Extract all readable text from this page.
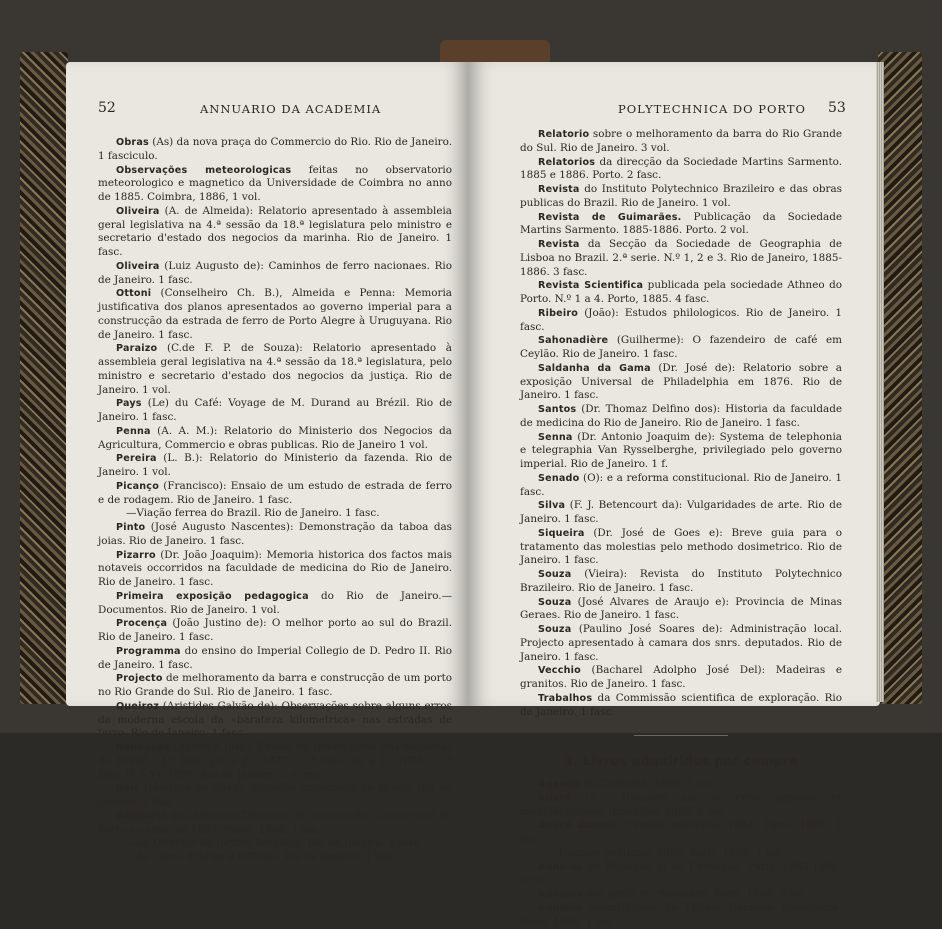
52	ANNUARIO DA ACADEMIA

Obras (As) da nova praça do Commercio do Rio. Rio de Janeiro. 1 fasciculo.

Observações meteorologicas feitas no observatorio meteorologico e magnetico da Universidade de Coimbra no anno de 1885. Coimbra, 1886, 1 vol.

Oliveira (A. de Almeida): Relatorio apresentado à assembleia geral legislativa na 4.ª sessão da 18.ª legislatura pelo ministro e secretario d'estado dos negocios da marinha. Rio de Janeiro. 1 fasc.

Oliveira (Luiz Augusto de): Caminhos de ferro nacionaes. Rio de Janeiro. 1 fasc.

Ottoni (Conselheiro Ch. B.), Almeida e Penna: Memoria justificativa dos planos apresentados ao governo imperial para a construcção da estrada de ferro de Porto Alegre à Uruguyana. Rio de Janeiro. 1 fasc.

Paraizo (C.de F. P. de Souza): Relatorio apresentado à assembleia geral legislativa na 4.ª sessão da 18.ª legislatura, pelo ministro e secretario d'estado dos negocios da justiça. Rio de Janeiro. 1 vol.

Pays (Le) du Café: Voyage de M. Durand au Brézil. Rio de Janeiro. 1 fasc.

Penna (A. A. M.): Relatorio do Ministerio dos Negocios da Agricultura, Commercio e obras publicas. Rio de Janeiro 1 vol.

Pereira (L. B.): Relatorio do Ministerio da fazenda. Rio de Janeiro. 1 vol.

Picanço (Francisco): Ensaio de um estudo de estrada de ferro e de rodagem. Rio de Janeiro. 1 fasc.

—Viação ferrea do Brazil. Rio de Janeiro. 1 fasc.

Pinto (José Augusto Nascentes): Demonstração da taboa das joias. Rio de Janeiro. 1 fasc.

Pizarro (Dr. João Joaquim): Memoria historica dos factos mais notaveis occorridos na faculdade de medicina do Rio de Janeiro. Rio de Janeiro. 1 fasc.

Primeira exposição pedagogica do Rio de Janeiro.—Documentos. Rio de Janeiro. 1 vol.

Procença (João Justino de): O melhor porto ao sul do Brazil. Rio de Janeiro. 1 fasc.

Programma do ensino do Imperial Collegio de D. Pedro II. Rio de Janeiro. 1 fasc.

Projecto de melhoramento da barra e construcção de um porto no Rio Grande do Sul. Rio de Janeiro. 1 fasc.

Queiroz (Aristides Galvão de): Observações sobre alguns erros da moderna escola da «barateza kilometrica» nas estradas de ferro. Rio de Janeiro. 1 fasc.

Rebouças (André e José): Ensaio do indice geral das madeiras do Brazil.—1.º fasc. (D. a F.) 1877.—2.º fasc. (D a L) 1878.—3.º fasc. (L a Y). 1878. Rio de Janeiro. 3 v. enc.

Reis (Malvino da Silva): Situação economica do Brazil. Rio de Janeiro. 1 fasc.

Relatorio dos actos da Direcção da Associação Commercial do Porto no anno de 1885. Porto, 1886. 1 vol.

—do Director do Jardim Botanico. Rio de Janeiro. 1 fasc.

—do Lyceu d'Artes e Officios. Rio de Janeiro. 1 fasc.

POLYTECHNICA DO PORTO 53

Relatorio sobre o melhoramento da barra do Rio Grande do Sul. Rio de Janeiro. 3 vol.

Relatorios da direcção da Sociedade Martins Sarmento. 1885 e 1886. Porto. 2 fasc.

Revista do Instituto Polytechnico Brazileiro e das obras publicas do Brazil. Rio de Janeiro. 1 vol.

Revista de Guimarães. Publicação da Sociedade Martins Sarmento. 1885-1886. Porto. 2 vol.

Revista da Secção da Sociedade de Geographia de Lisboa no Brazil. 2.ª serie. N.º 1, 2 e 3. Rio de Janeiro, 1885-1886. 3 fasc.

Revista Scientifica publicada pela sociedade Athneo do Porto. N.º 1 a 4. Porto, 1885. 4 fasc.

Ribeiro (João): Estudos philologicos. Rio de Janeiro. 1 fasc.

Sahonadière (Guilherme): O fazendeiro de café em Ceylão. Rio de Janeiro. 1 fasc.

Saldanha da Gama (Dr. José de): Relatorio sobre a exposição Universal de Philadelphia em 1876. Rio de Janeiro. 1 fasc.

Santos (Dr. Thomaz Delfino dos): Historia da faculdade de medicina do Rio de Janeiro. Rio de Janeiro. 1 fasc.

Senna (Dr. Antonio Joaquim de): Systema de telephonia e telegraphia Van Rysselberghe, privilegiado pelo governo imperial. Rio de Janeiro. 1 f.

Senado (O): e a reforma constitucional. Rio de Janeiro. 1 fasc.

Silva (F. J. Betencourt da): Vulgaridades de arte. Rio de Janeiro. 1 fasc.

Siqueira (Dr. José de Goes e): Breve guia para o tratamento das molestias pelo methodo dosimetrico. Rio de Janeiro. 1 fasc.

Souza (Vieira): Revista do Instituto Polytechnico Brazileiro. Rio de Janeiro. 1 fasc.

Souza (José Alvares de Araujo e): Provincia de Minas Geraes. Rio de Janeiro. 1 fasc.

Souza (Paulino José Soares de): Administração local. Projecto apresentado à camara dos snrs. deputados. Rio de Janeiro. 1 fasc.

Vecchio (Bacharel Adolpho José Del): Madeiras e granitos. Rio de Janeiro. 1 fasc.

Trabalhos da Commissão scientifica de exploração. Rio de Janeiro. 1 fasc.

3. Livros adquiridos por compra

Agenda du Chimiste. 1886. 1 vol.

Allard (A.): Discours sur la crise agricole et manufacturière. Bruxelles, 1886. 1 vol.

André Daniel: L'année politique, 1884. Paris, 1885. 1 vol.

—L'année politique, 1885. Paris, 1886. 1 vol.

Annales de Physique et de Chimique. Paris, 1885-1886. 6 vol.

Annales des ponts et chaussées. Paris, 1886. 2 vol.

Annales scientifiques de l'Ecole Normale superieure. Paris, 1886. 1 vol.
